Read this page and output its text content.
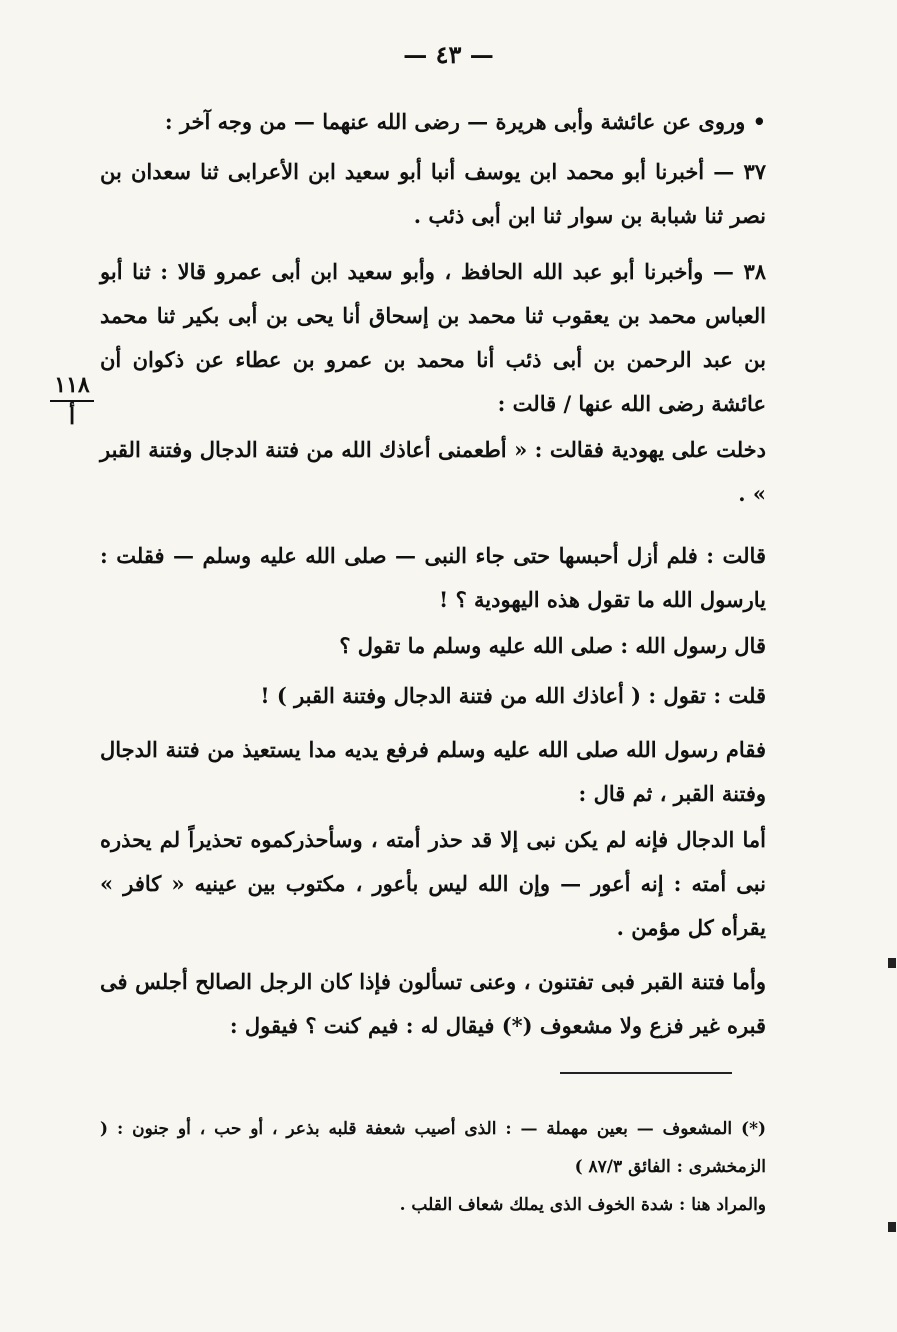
— ٤٣ —
١١٨
أ

• وروى عن عائشة وأبى هريرة — رضى الله عنهما — من وجه آخر :

٣٧ — أخبرنا أبو محمد ابن يوسف أنبا أبو سعيد ابن الأعرابى ثنا سعدان بن نصر ثنا شبابة بن سوار ثنا ابن أبى ذئب .

٣٨ — وأخبرنا أبو عبد الله الحافظ ، وأبو سعيد ابن أبى عمرو قالا : ثنا أبو العباس محمد بن يعقوب ثنا محمد بن إسحاق أنا يحى بن أبى بكير ثنا محمد بن عبد الرحمن بن أبى ذئب أنا محمد بن عمرو بن عطاء عن ذكوان أن عائشة رضى الله عنها / قالت :

دخلت على يهودية فقالت : « أطعمنى أعاذك الله من فتنة الدجال وفتنة القبر » .

قالت : فلم أزل أحبسها حتى جاء النبى — صلى الله عليه وسلم — فقلت : يارسول الله ما تقول هذه اليهودية ؟ !

قال رسول الله : صلى الله عليه وسلم ما تقول ؟

قلت : تقول : ( أعاذك الله من فتنة الدجال وفتنة القبر ) !

فقام رسول الله صلى الله عليه وسلم فرفع يديه مدا يستعيذ من فتنة الدجال وفتنة القبر ، ثم قال :

أما الدجال فإنه لم يكن نبى إلا قد حذر أمته ، وسأحذركموه تحذيراً لم يحذره نبى أمته : إنه أعور — وإن الله ليس بأعور ، مكتوب بين عينيه « كافر » يقرأه كل مؤمن .

وأما فتنة القبر فبى تفتنون ، وعنى تسألون فإذا كان الرجل الصالح أجلس فى قبره غير فزع ولا مشعوف (*) فيقال له : فيم كنت ؟ فيقول :

(*) المشعوف — بعين مهملة — : الذى أصيب شعفة قلبه بذعر ، أو حب ، أو جنون : ( الزمخشرى : الفائق ٨٧/٣ )

والمراد هنا : شدة الخوف الذى يملك شعاف القلب .
